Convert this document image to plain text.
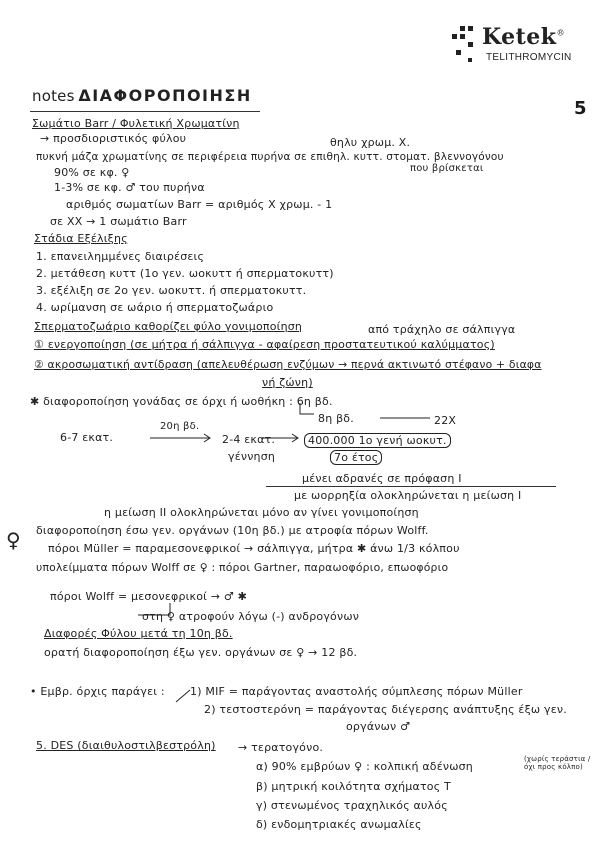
Ketek®
TELITHROMYCIN
5
notes ΔΙΑΦΟΡΟΠΟΙΗΣΗ
Σωμάτιο Barr / Φυλετική Χρωματίνη
→ προσδιοριστικός φύλου	θηλυ χρωμ. Χ.
πυκνή μάζα χρωματίνης σε περιφέρεια πυρήνα σε επιθηλ. κυττ. στοματ. βλεννογόνου
που βρίσκεται
90% σε κφ. ♀
1-3% σε κφ. ♂ του πυρήνα
αριθμός σωματίων Barr = αριθμός Χ χρωμ. - 1
σε ΧΧ → 1 σωμάτιο Barr
Στάδια Εξέλιξης
1. επανειλημμένες διαιρέσεις
2. μετάθεση κυττ (1ο γεν. ωοκυττ ή σπερματοκυττ)
3. εξέλιξη σε 2ο γεν. ωοκυττ. ή σπερματοκυττ.
4. ωρίμανση σε ωάριο ή σπερματοζωάριο
Σπερματοζωάριο καθορίζει φύλο γονιμοποίηση	από τράχηλο σε σάλπιγγα
① ενεργοποίηση (σε μήτρα ή σάλπιγγα - αφαίρεση προστατευτικού καλύμματος)
② ακροσωματική αντίδραση (απελευθέρωση ενζύμων → περνά ακτινωτό στέφανο + διαφα
νή ζώνη)
✱ διαφοροποίηση γονάδας σε όρχι ή ωοθήκη : 6η βδ.
8η βδ.	22Χ
6-7 εκατ.
20η βδ.
2-4 εκατ.	400.000 1ο γενή ωοκυτ.
γέννηση	7ο έτος
μένει αδρανές σε πρόφαση Ι
με ωορρηξία ολοκληρώνεται η μείωση Ι
η μείωση ΙΙ ολοκληρώνεται μόνο αν γίνει γονιμοποίηση
♀ διαφοροποίηση έσω γεν. οργάνων (10η βδ.) με ατροφία πόρων Wolff.
πόροι Müller = παραμεσονεφρικοί → σάλπιγγα, μήτρα ✱ άνω 1/3 κόλπου
υπολείμματα πόρων Wolff σε ♀ : πόροι Gartner, παραωοφόριο, επωοφόριο
πόροι Wolff = μεσονεφρικοί → ♂ ✱
στη ♀ ατροφούν λόγω (-) ανδρογόνων
Διαφορές Φύλου μετά τη 10η βδ.
ορατή διαφοροποίηση έξω γεν. οργάνων σε ♀ → 12 βδ.
• Εμβρ. όρχις παράγει : 1) MIF = παράγοντας αναστολής σύμπλεσης πόρων Müller
2) τεστοστερόνη = παράγοντας διέγερσης ανάπτυξης έξω γεν.
οργάνων ♂
5. DES (διαιθυλοστιλβεστρόλη) → τερατογόνο.
α) 90% εμβρύων ♀ : κολπική αδένωση
(χωρίς τεράστια / όχι προς κόλπο)
β) μητρική κοιλότητα σχήματος Τ
γ) στενωμένος τραχηλικός αυλός
δ) ενδομητριακές ανωμαλίες
